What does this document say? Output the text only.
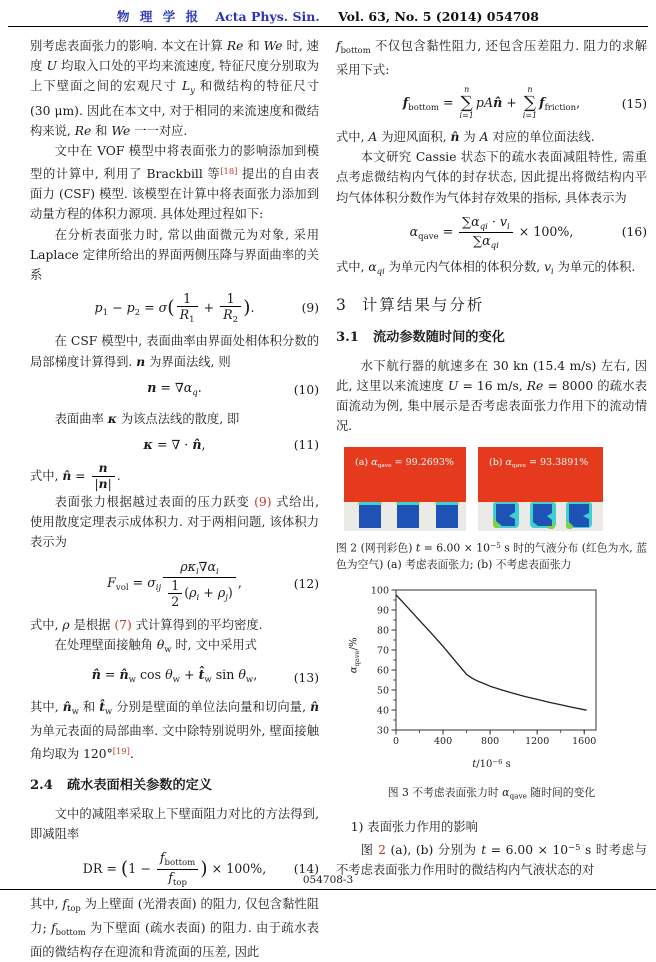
物 理 学 报 Acta Phys. Sin. Vol. 63, No. 5 (2014) 054708

别考虑表面张力的影响. 本文在计算 Re 和 We 时, 速度 U 均取入口处的平均来流速度, 特征尺度分别取为上下壁面之间的宏观尺寸 $L_y$ 和微结构的特征尺寸 (30 μm). 因此在本文中, 对于相同的来流速度和微结构来说, Re 和 We 一一对应.

文中在 VOF 模型中将表面张力的影响添加到模型的计算中, 利用了 Brackbill 等[18] 提出的自由表面力 (CSF) 模型. 该模型在计算中将表面张力添加到动量方程的体积力源项. 具体处理过程如下:

在分析表面张力时, 常以曲面微元为对象, 采用 Laplace 定律所给出的界面两侧压降与界面曲率的关系

$p_1 - p_2 = \sigma( \frac{1}{R_1} + \frac{1}{R_2}$ ).	(9)

在 CSF 模型中, 表面曲率由界面处相体积分数的局部梯度计算得到. n 为界面法线, 则

$n = \nabla\alpha_q$.	(10)

表面曲率 κ 为该点法线的散度, 即

κ = ∇ · n̂,	(11)

式中, n̂ = $\frac{n}{|n|}$ .

表面张力根据越过表面的压力跃变 (9) 式给出, 使用散度定理表示成体积力. 对于两相问题, 该体积力表示为

$F_{vol} = \sigma_{ij} \frac{\rho\kappa_i\nabla\alpha_i}{\frac{1}{2} (\rho_i + \rho_j)}$ ,	(12)

式中, ρ 是根据 (7) 式计算得到的平均密度.

在处理壁面接触角 $\theta_w$ 时, 文中采用式

n̂ = $n̂_w$ $\cos \theta_w$ + $t̂_w$ $\sin \theta_w$,	(13)

其中, $n̂_w$ 和 $t̂_w$ 分别是壁面的单位法向量和切向量, n̂ 为单元表面的局部曲率. 文中除特别说明外, 壁面接触角均取为 120°[19].

2.4 疏水表面相关参数的定义

文中的减阻率采取上下壁面阻力对比的方法得到, 即减阻率

DR = ($1 - \frac{f_{bottom}}{f_{top}}$ ) × 100%, (14)

其中, $f_{top}$ 为上壁面 (光滑表面) 的阻力, 仅包含黏性阻力; $f_{bottom}$ 为下壁面 (疏水表面) 的阻力. 由于疏水表面的微结构存在迎流和背流面的压差, 因此

$f_{bottom}$ 不仅包含黏性阻力, 还包含压差阻力. 阻力的求解采用下式:

$f_{bottom}$ =
n
∑
i=1
pAn̂ +
n
∑
i=1
$f_{friction}$,	(15)

式中, A 为迎风面积, n̂ 为 A 对应的单位面法线.

本文研究 Cassie 状态下的疏水表面减阻特性, 需重点考虑微结构内气体的封存状态, 因此提出将微结构内平均气体体积分数作为气体封存效果的指标, 具体表示为

$\alpha_{qave} = \frac{\sum\alpha_{qi} \cdot v_i}{\sum\alpha_{qi}} \times 100\%$,	(16)

式中, $\alpha_{qi}$ 为单元内气体相的体积分数, $v_i$ 为单元的体积.

3 计算结果与分析
3.1 流动参数随时间的变化

水下航行器的航速多在 30 kn (15.4 m/s) 左右, 因此, 这里以来流速度 U = 16 m/s, Re = 8000 的疏水表面流动为例, 集中展示是否考虑表面张力作用下的流动情况.

(a) $\alpha_{qave} = 99.2693\%$	(b) $\alpha_{qave} = 93.3891\%$

图 2 (网刊彩色) $t = 6.00 \times 10^{-5}$ s 时的气液分布 (红色为水, 蓝色为空气) (a) 考虑表面张力; (b) 不考虑表面张力

0	400	800	1200 1600
30
40
50
60
70
80
90
100
$\alpha_{qave}/\%$
$t/10^{-6}$ s

图 3 不考虑表面张力时 $\alpha_{qave}$ 随时间的变化

1) 表面张力作用的影响

图 2 (a), (b) 分别为 $t = 6.00 \times 10^{-5}$ s 时考虑与不考虑表面张力作用时的微结构内气液状态的对

054708-3
